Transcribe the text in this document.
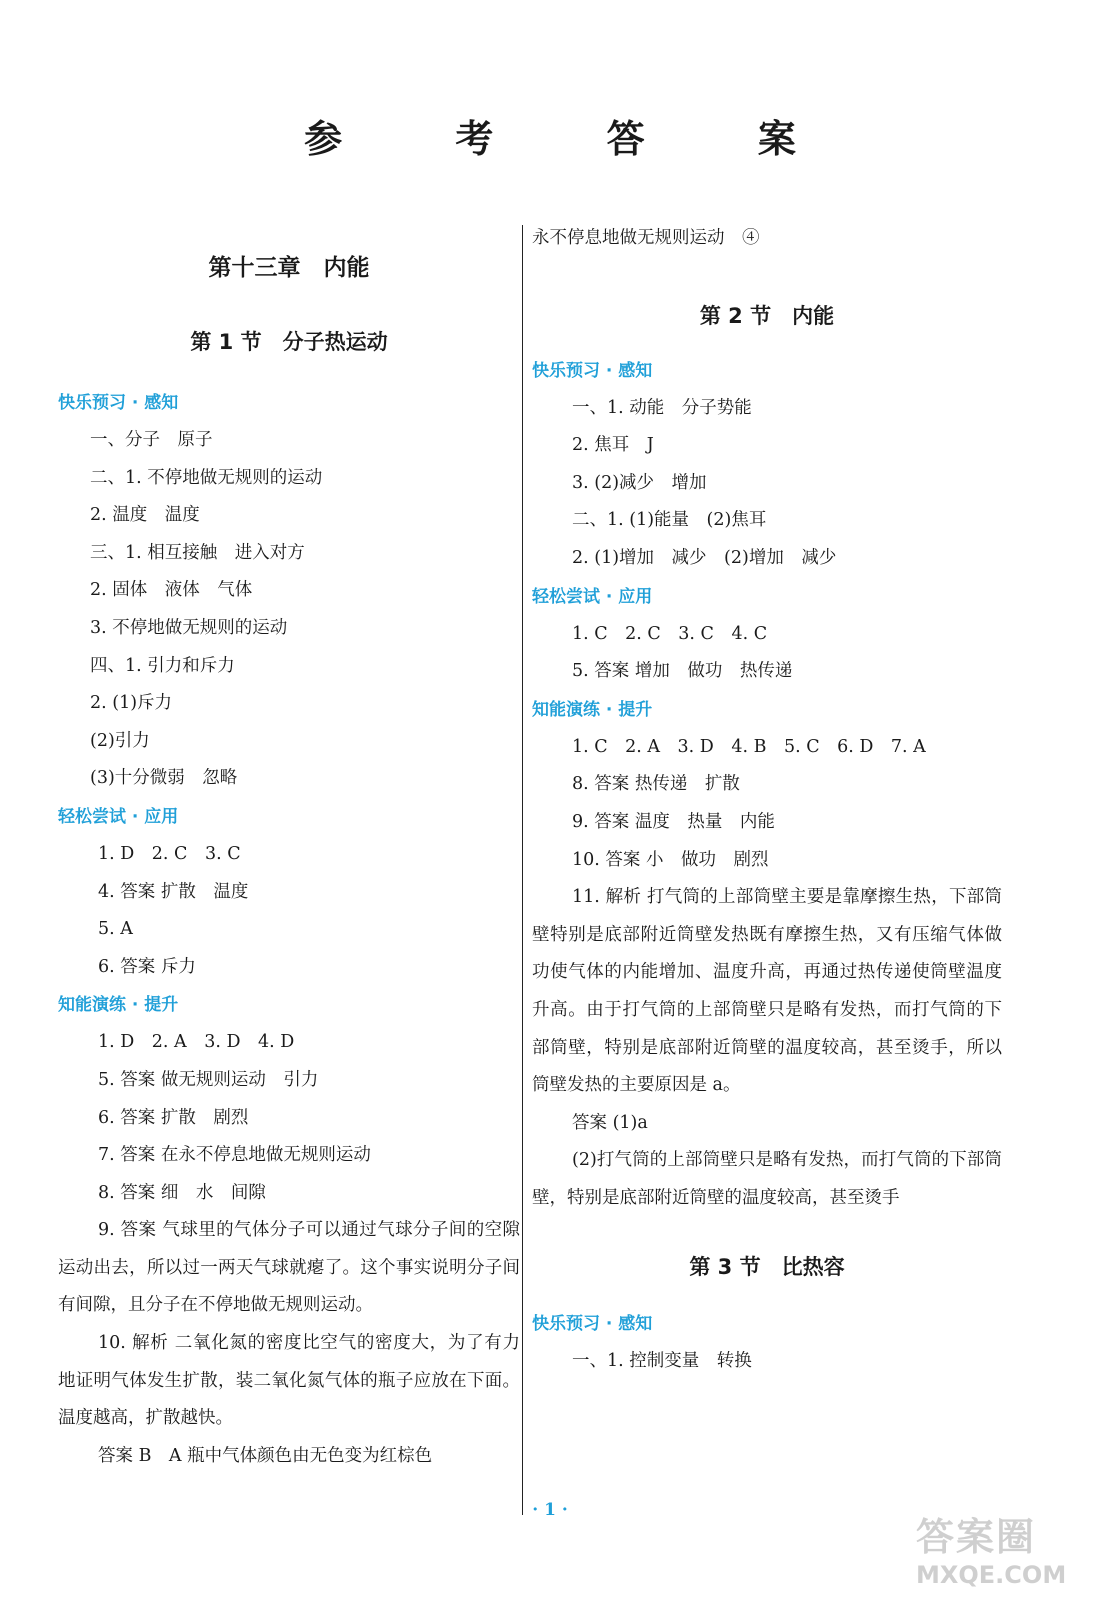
参 考 答 案
第十三章　内能
第 1 节　分子热运动
快乐预习 · 感知
一、分子　原子
二、1. 不停地做无规则的运动
2. 温度　温度
三、1. 相互接触　进入对方
2. 固体　液体　气体
3. 不停地做无规则的运动
四、1. 引力和斥力
2. (1)斥力
(2)引力
(3)十分微弱　忽略
轻松尝试 · 应用
1. D　2. C　3. C
4. 答案 扩散　温度
5. A
6. 答案 斥力
知能演练 · 提升
1. D　2. A　3. D　4. D
5. 答案 做无规则运动　引力
6. 答案 扩散　剧烈
7. 答案 在永不停息地做无规则运动
8. 答案 细　水　间隙
9. 答案 气球里的气体分子可以通过气球分子间的空隙运动出去，所以过一两天气球就瘪了。这个事实说明分子间有间隙，且分子在不停地做无规则运动。
10. 解析 二氧化氮的密度比空气的密度大，为了有力地证明气体发生扩散，装二氧化氮气体的瓶子应放在下面。温度越高，扩散越快。
答案 B　A 瓶中气体颜色由无色变为红棕色
永不停息地做无规则运动　④
第 2 节　内能
快乐预习 · 感知
一、1. 动能　分子势能
2. 焦耳　J
3. (2)减少　增加
二、1. (1)能量　(2)焦耳
2. (1)增加　减少　(2)增加　减少
轻松尝试 · 应用
1. C　2. C　3. C　4. C
5. 答案 增加　做功　热传递
知能演练 · 提升
1. C　2. A　3. D　4. B　5. C　6. D　7. A
8. 答案 热传递　扩散
9. 答案 温度　热量　内能
10. 答案 小　做功　剧烈
11. 解析 打气筒的上部筒壁主要是靠摩擦生热，下部筒壁特别是底部附近筒壁发热既有摩擦生热，又有压缩气体做功使气体的内能增加、温度升高，再通过热传递使筒壁温度升高。由于打气筒的上部筒壁只是略有发热，而打气筒的下部筒壁，特别是底部附近筒壁的温度较高，甚至烫手，所以筒壁发热的主要原因是 a。
答案 (1)a
(2)打气筒的上部筒壁只是略有发热，而打气筒的下部筒壁，特别是底部附近筒壁的温度较高，甚至烫手
第 3 节　比热容
快乐预习 · 感知
一、1. 控制变量　转换
· 1 ·
答案圈
MXQE.COM
